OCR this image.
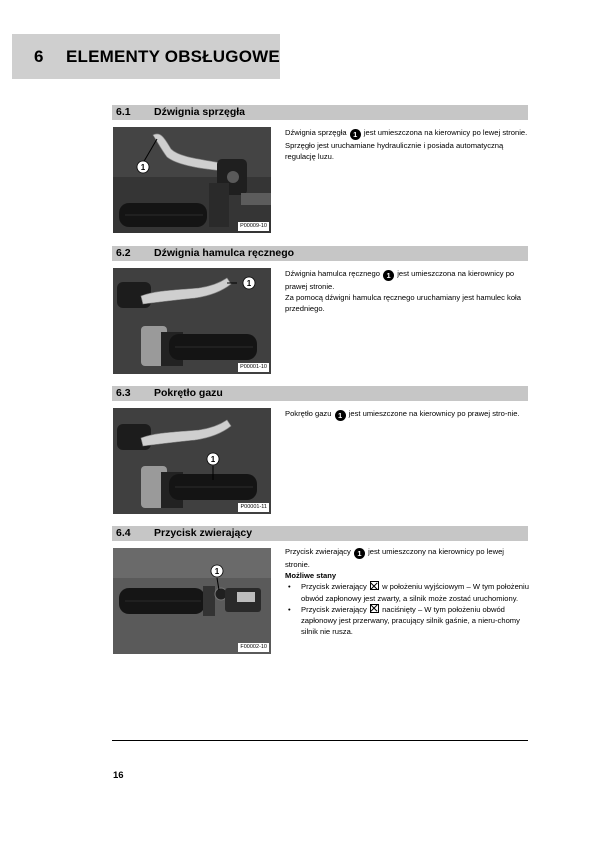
6	ELEMENTY OBSŁUGOWE
6.1 Dźwignia sprzęgła
1
P00009-10

Dźwignia sprzęgła 1 jest umieszczona na kierownicy po lewej stronie.

Sprzęgło jest uruchamiane hydraulicznie i posiada automatyczną regulację luzu.

6.2 Dźwignia hamulca ręcznego
1
P00001-10

Dźwignia hamulca ręcznego 1 jest umieszczona na kierownicy po prawej stronie.

Za pomocą dźwigni hamulca ręcznego uruchamiany jest hamulec koła przedniego.

6.3 Pokrętło gazu
1
P00001-11

Pokrętło gazu 1 jest umieszczone na kierownicy po prawej stro-nie.

6.4 Przycisk zwierający
1
F00002-10

Przycisk zwierający 1 jest umieszczony na kierownicy po lewej stronie.

Możliwe stany

• Przycisk zwierający w położeniu wyjściowym – W tym położeniu obwód zapłonowy jest zwarty, a silnik może zostać uruchomiony.
• Przycisk zwierający naciśnięty – W tym położeniu obwód zapłonowy jest przerwany, pracujący silnik gaśnie, a nieru-chomy silnik nie rusza.
16
